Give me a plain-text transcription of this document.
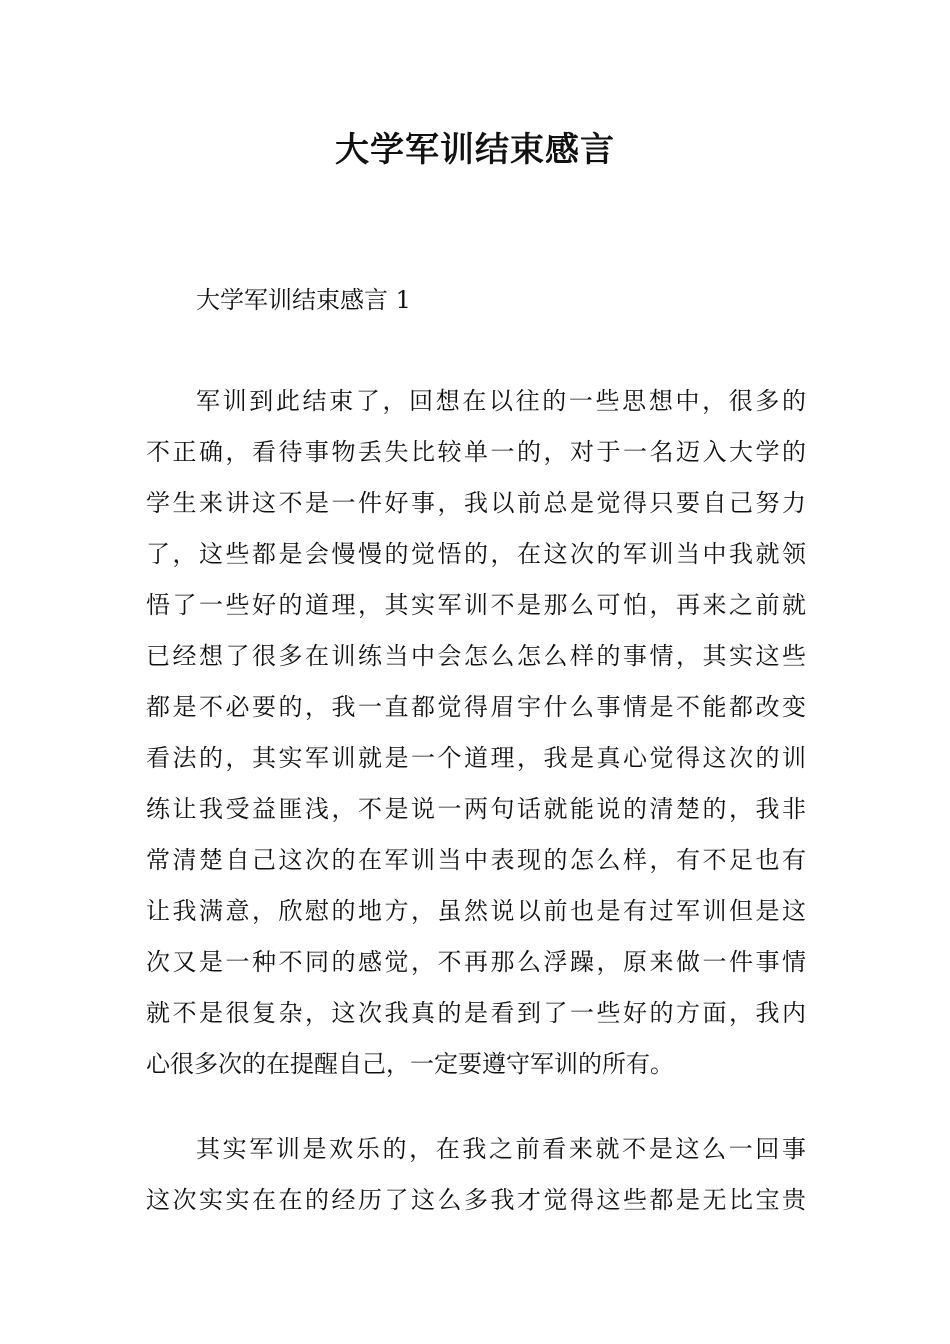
大学军训结束感言

大学军训结束感言 1

军训到此结束了，回想在以往的一些思想中，很多的
不正确，看待事物丢失比较单一的，对于一名迈入大学的
学生来讲这不是一件好事，我以前总是觉得只要自己努力
了，这些都是会慢慢的觉悟的，在这次的军训当中我就领
悟了一些好的道理，其实军训不是那么可怕，再来之前就
已经想了很多在训练当中会怎么怎么样的事情，其实这些
都是不必要的，我一直都觉得眉宇什么事情是不能都改变
看法的，其实军训就是一个道理，我是真心觉得这次的训
练让我受益匪浅，不是说一两句话就能说的清楚的，我非
常清楚自己这次的在军训当中表现的怎么样，有不足也有
让我满意，欣慰的地方，虽然说以前也是有过军训但是这
次又是一种不同的感觉，不再那么浮躁，原来做一件事情
就不是很复杂，这次我真的是看到了一些好的方面，我内
心很多次的在提醒自己，一定要遵守军训的所有。
其实军训是欢乐的，在我之前看来就不是这么一回事
这次实实在在的经历了这么多我才觉得这些都是无比宝贵
